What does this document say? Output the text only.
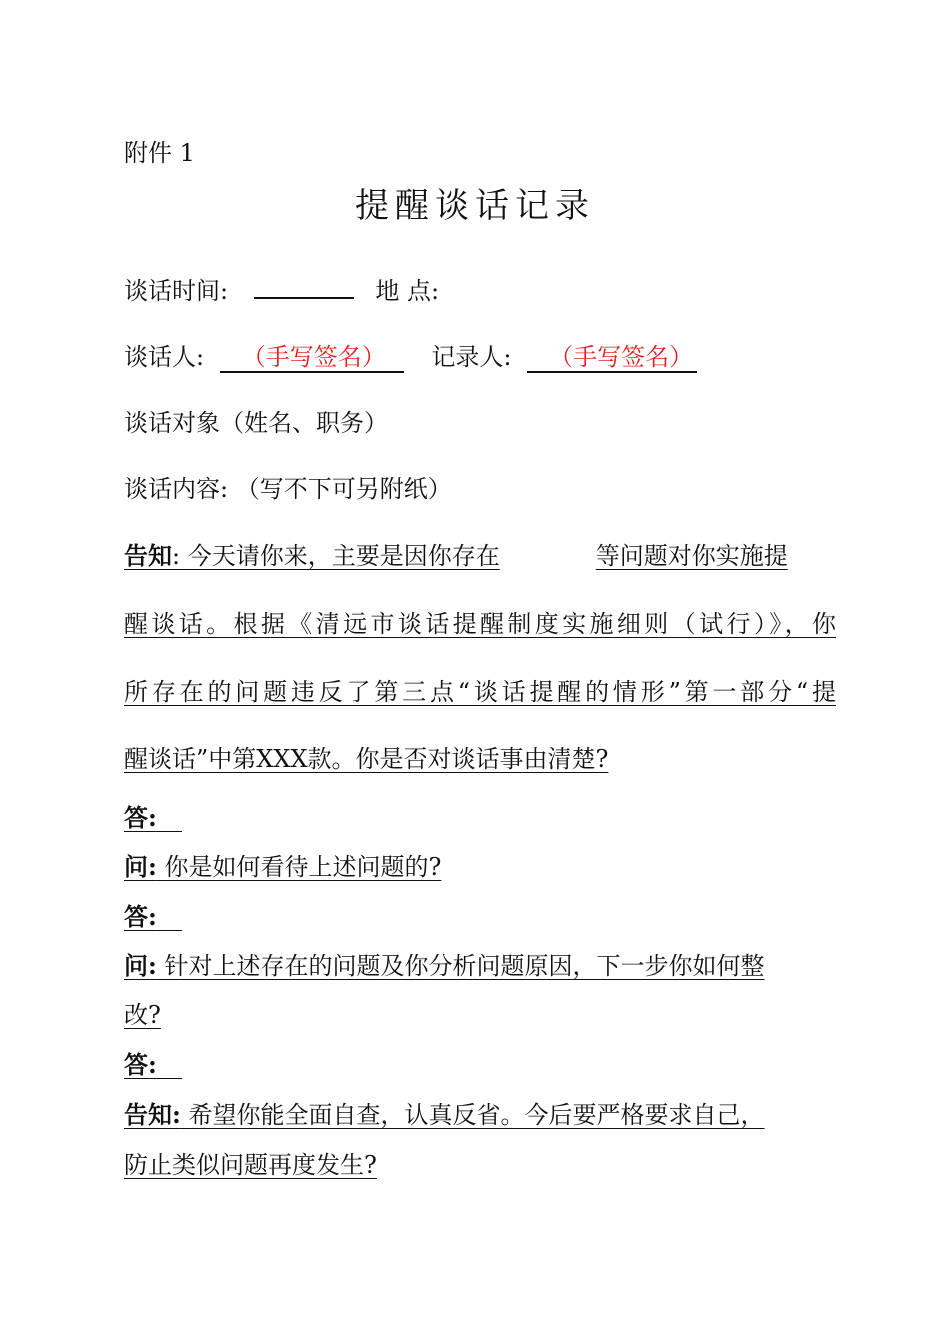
附件 1
提醒谈话记录
谈话时间:	地 点:
谈话人: （手写签名） 记录人: （手写签名）
谈话对象（姓名、职务）
谈话内容: （写不下可另附纸）
告知: 今天请你来，主要是因你存在	等问题对你实施提
醒谈话。根据《清远市谈话提醒制度实施细则（试行）》，你
所存在的问题违反了第三点“谈话提醒的情形”第一部分“提
醒谈话”中第XXX款。你是否对谈话事由清楚?
答:
问: 你是如何看待上述问题的?
答:
问: 针对上述存在的问题及你分析问题原因，下一步你如何整
改?
答:
告知: 希望你能全面自查，认真反省。今后要严格要求自己，
防止类似问题再度发生?
